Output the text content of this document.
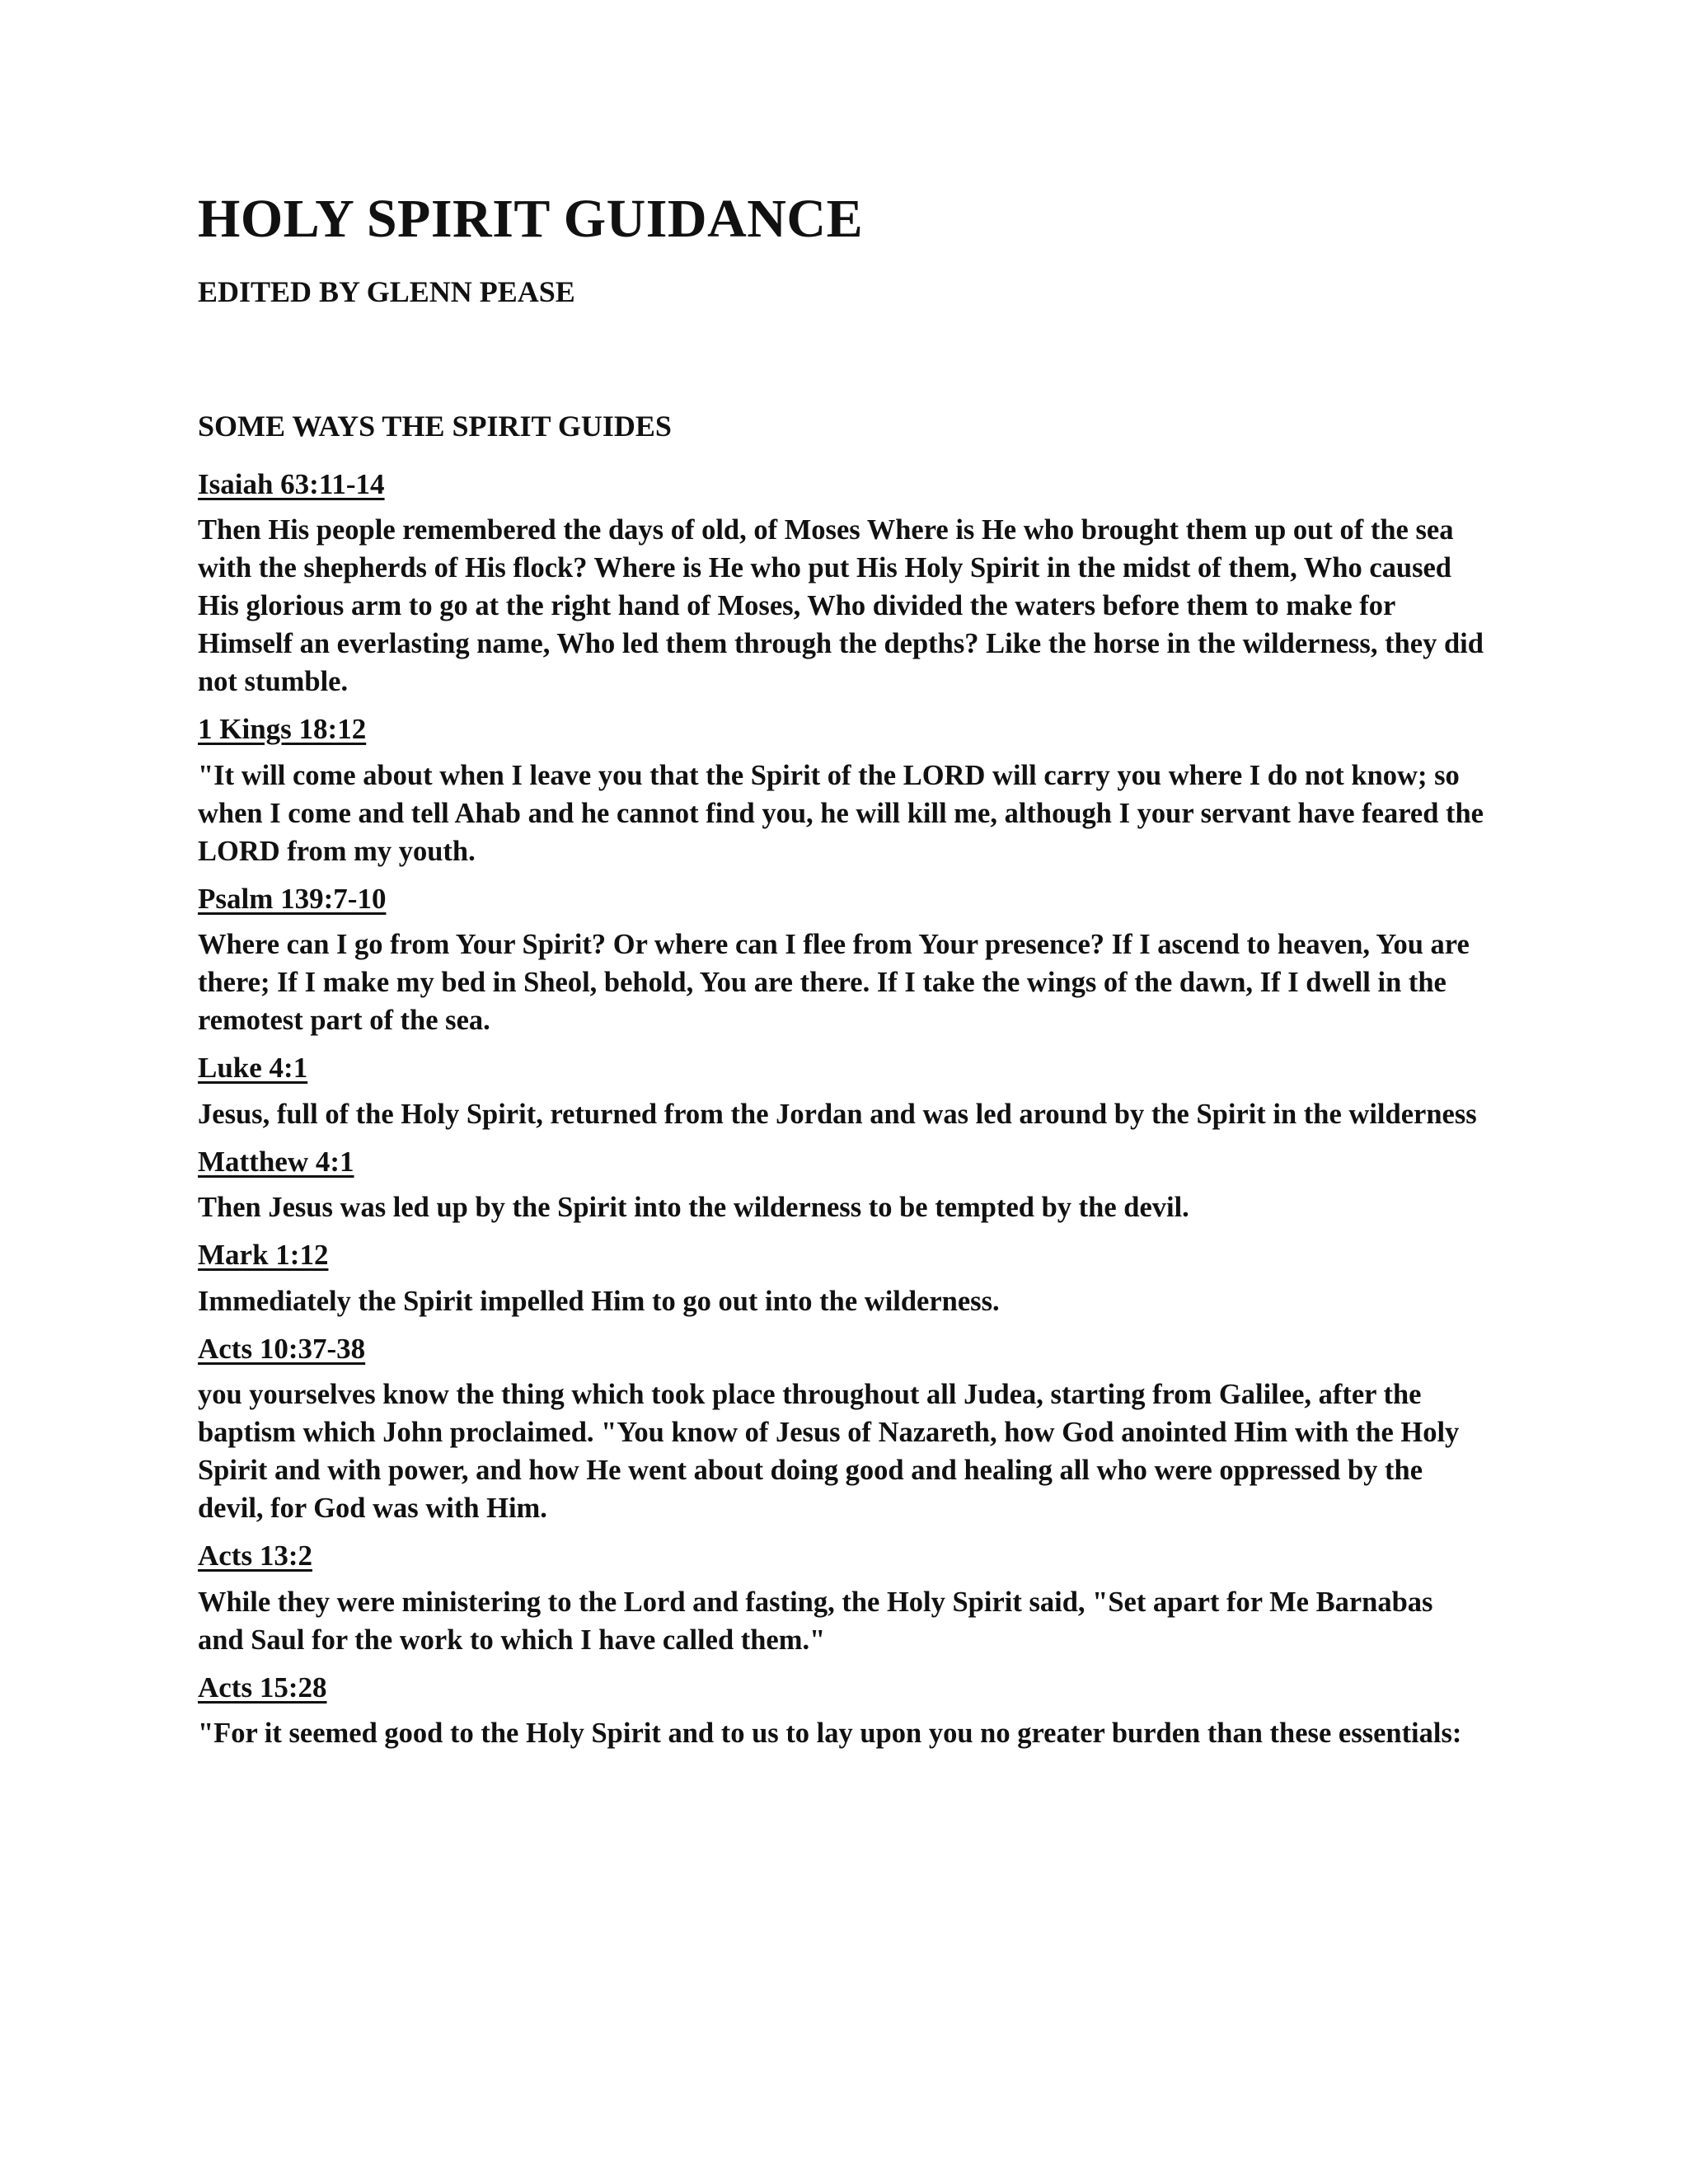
HOLY SPIRIT GUIDANCE

EDITED BY GLENN PEASE

SOME WAYS THE SPIRIT GUIDES

Isaiah 63:11-14

Then His people remembered the days of old, of Moses Where is He who brought them up out of the sea with the shepherds of His flock? Where is He who put His Holy Spirit in the midst of them, Who caused His glorious arm to go at the right hand of Moses, Who divided the waters before them to make for Himself an everlasting name, Who led them through the depths? Like the horse in the wilderness, they did not stumble.

1 Kings 18:12

"It will come about when I leave you that the Spirit of the LORD will carry you where I do not know; so when I come and tell Ahab and he cannot find you, he will kill me, although I your servant have feared the LORD from my youth.

Psalm 139:7-10

Where can I go from Your Spirit? Or where can I flee from Your presence? If I ascend to heaven, You are there; If I make my bed in Sheol, behold, You are there. If I take the wings of the dawn, If I dwell in the remotest part of the sea.

Luke 4:1

Jesus, full of the Holy Spirit, returned from the Jordan and was led around by the Spirit in the wilderness

Matthew 4:1

Then Jesus was led up by the Spirit into the wilderness to be tempted by the devil.

Mark 1:12

Immediately the Spirit impelled Him to go out into the wilderness.

Acts 10:37-38

you yourselves know the thing which took place throughout all Judea, starting from Galilee, after the baptism which John proclaimed. "You know of Jesus of Nazareth, how God anointed Him with the Holy Spirit and with power, and how He went about doing good and healing all who were oppressed by the devil, for God was with Him.

Acts 13:2

While they were ministering to the Lord and fasting, the Holy Spirit said, "Set apart for Me Barnabas and Saul for the work to which I have called them."

Acts 15:28

"For it seemed good to the Holy Spirit and to us to lay upon you no greater burden than these essentials:
